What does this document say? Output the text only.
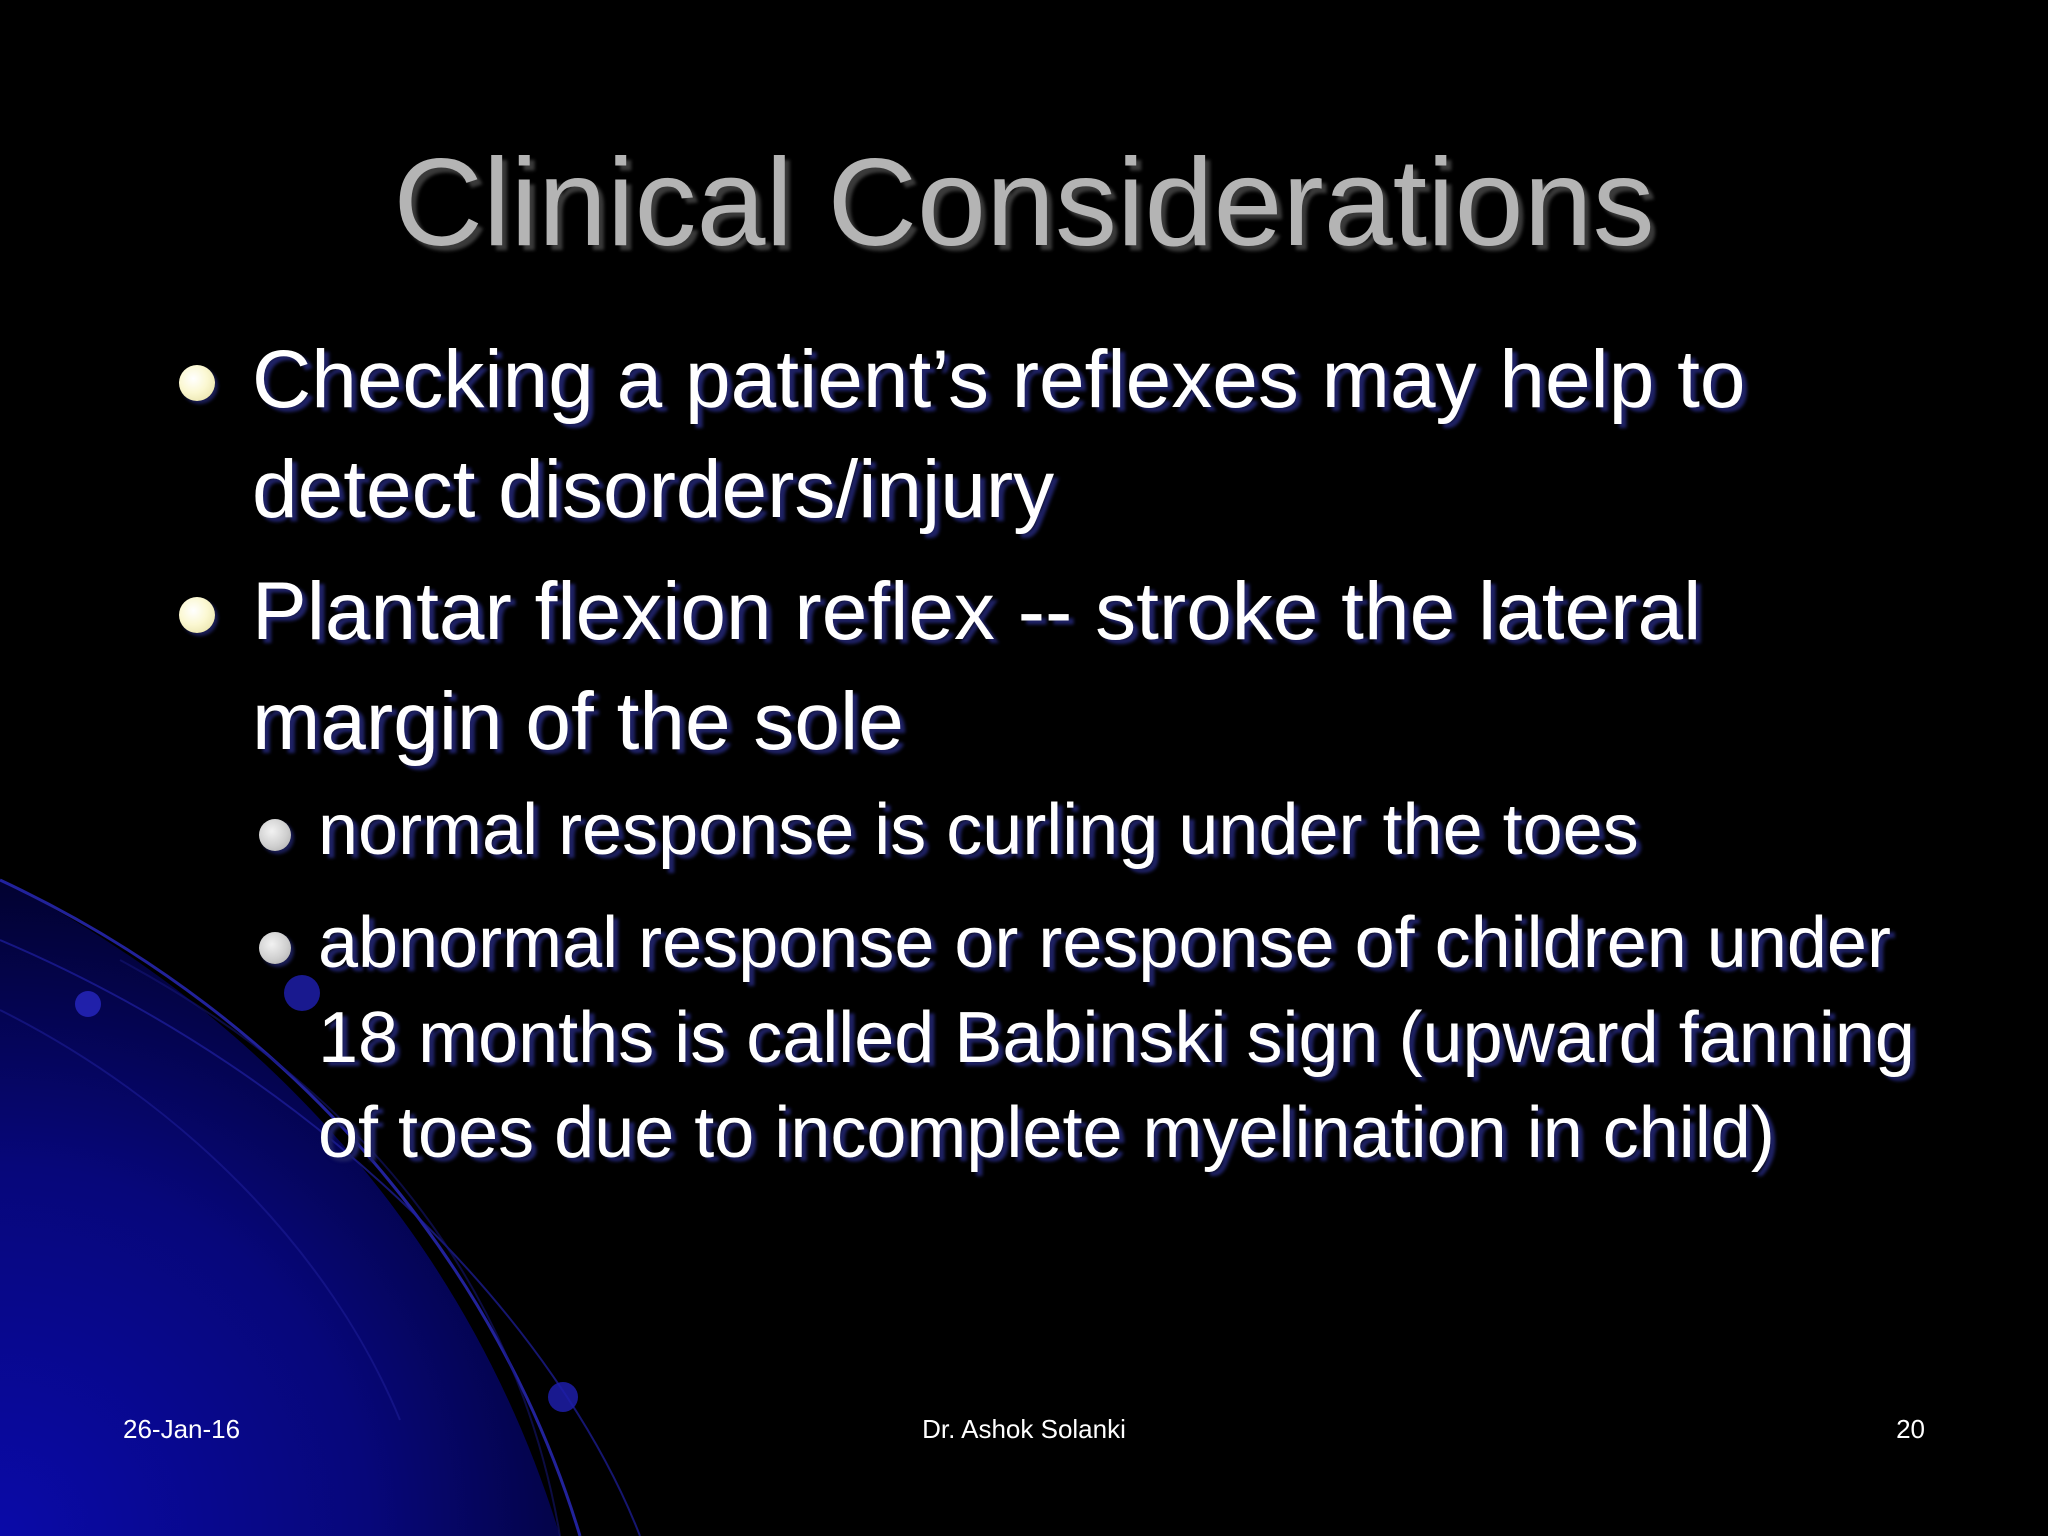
Clinical Considerations
Checking a patient’s reflexes may help to detect disorders/injury
Plantar flexion reflex -- stroke the lateral margin of the sole
normal response is curling under the toes
abnormal response or response of children under 18 months is called Babinski sign (upward fanning of toes due to incomplete myelination in child)
26-Jan-16	Dr. Ashok Solanki	20
